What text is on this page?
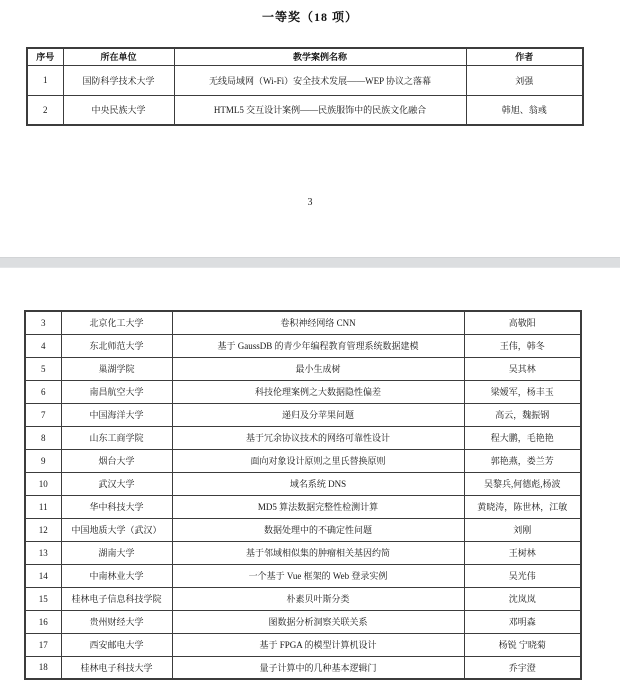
一等奖（18 项）
序号	所在单位	教学案例名称	作者
1	国防科学技术大学	无线局域网（Wi-Fi）安全技术发展——WEP 协议之落幕	刘强
2	中央民族大学	HTML5 交互设计案例——民族服饰中的民族文化融合	韩旭、翁彧
3
3	北京化工大学	卷积神经网络 CNN	高敬阳
4	东北师范大学	基于 GaussDB 的青少年编程教育管理系统数据建模	王伟，韩冬
5	巢湖学院	最小生成树	吴其林
6	南昌航空大学	科技伦理案例之大数据隐性偏差	梁嫒军，杨丰玉
7	中国海洋大学	递归及分苹果问题	高云，魏振钢
8	山东工商学院	基于冗余协议技术的网络可靠性设计	程大鹏，毛艳艳
9	烟台大学	面向对象设计原则之里氏替换原则	郭艳燕，娄兰芳
10	武汉大学	域名系统 DNS	吴黎兵,何德彪,杨波
11	华中科技大学	MD5 算法数据完整性检测计算	黄晓涛，陈世林，江敏
12	中国地质大学（武汉）	数据处理中的不确定性问题	刘刚
13	湖南大学	基于邻域相似集的肿瘤相关基因约简	王树林
14	中南林业大学	一个基于 Vue 框架的 Web 登录实例	吴光伟
15	桂林电子信息科技学院	朴素贝叶斯分类	沈岚岚
16	贵州财经大学	图数据分析洞察关联关系	邓明森
17	西安邮电大学	基于 FPGA 的模型计算机设计	杨锐 宁晓菊
18	桂林电子科技大学	量子计算中的几种基本逻辑门	乔宇澄
